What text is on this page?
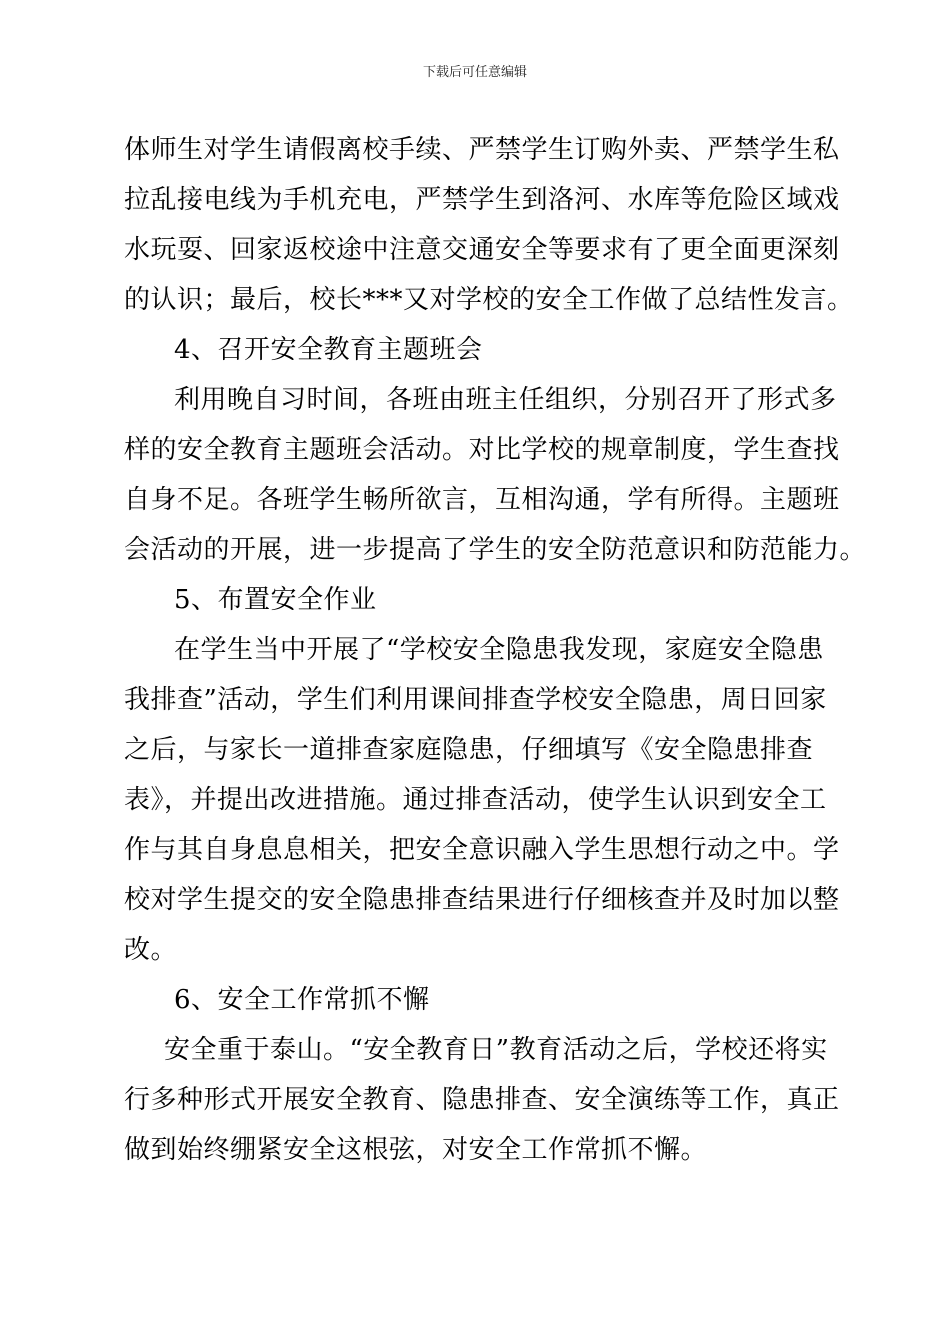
下载后可任意编辑
体师生对学生请假离校手续、严禁学生订购外卖、严禁学生私
拉乱接电线为手机充电，严禁学生到洛河、水库等危险区域戏
水玩耍、回家返校途中注意交通安全等要求有了更全面更深刻
的认识；最后，校长***又对学校的安全工作做了总结性发言。
4、召开安全教育主题班会
利用晚自习时间，各班由班主任组织，分别召开了形式多
样的安全教育主题班会活动。对比学校的规章制度，学生查找
自身不足。各班学生畅所欲言，互相沟通，学有所得。主题班
会活动的开展，进一步提高了学生的安全防范意识和防范能力。
5、布置安全作业
在学生当中开展了“学校安全隐患我发现，家庭安全隐患
我排查”活动，学生们利用课间排查学校安全隐患，周日回家
之后，与家长一道排查家庭隐患，仔细填写《安全隐患排查
表》，并提出改进措施。通过排查活动，使学生认识到安全工
作与其自身息息相关，把安全意识融入学生思想行动之中。学
校对学生提交的安全隐患排查结果进行仔细核查并及时加以整
改。
6、安全工作常抓不懈
安全重于泰山。“安全教育日”教育活动之后，学校还将实
行多种形式开展安全教育、隐患排查、安全演练等工作，真正
做到始终绷紧安全这根弦，对安全工作常抓不懈。
